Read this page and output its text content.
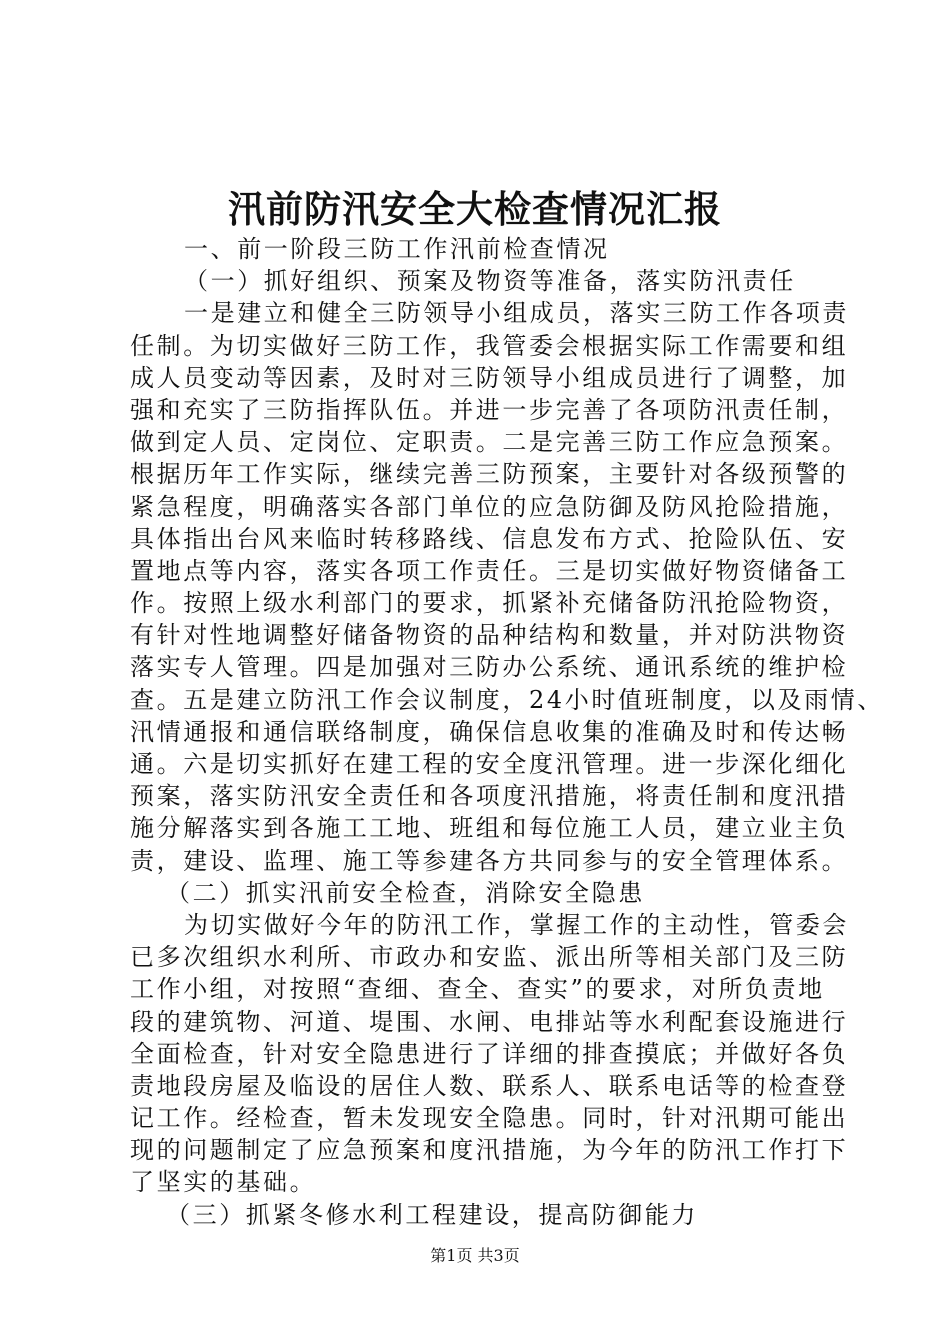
汛前防汛安全大检查情况汇报
一、前一阶段三防工作汛前检查情况
（一）抓好组织、预案及物资等准备，落实防汛责任
一是建立和健全三防领导小组成员，落实三防工作各项责
任制。为切实做好三防工作，我管委会根据实际工作需要和组
成人员变动等因素，及时对三防领导小组成员进行了调整，加
强和充实了三防指挥队伍。并进一步完善了各项防汛责任制，
做到定人员、定岗位、定职责。二是完善三防工作应急预案。
根据历年工作实际，继续完善三防预案，主要针对各级预警的
紧急程度，明确落实各部门单位的应急防御及防风抢险措施，
具体指出台风来临时转移路线、信息发布方式、抢险队伍、安
置地点等内容，落实各项工作责任。三是切实做好物资储备工
作。按照上级水利部门的要求，抓紧补充储备防汛抢险物资，
有针对性地调整好储备物资的品种结构和数量，并对防洪物资
落实专人管理。四是加强对三防办公系统、通讯系统的维护检
查。五是建立防汛工作会议制度，24小时值班制度，以及雨情、
汛情通报和通信联络制度，确保信息收集的准确及时和传达畅
通。六是切实抓好在建工程的安全度汛管理。进一步深化细化
预案，落实防汛安全责任和各项度汛措施，将责任制和度汛措
施分解落实到各施工工地、班组和每位施工人员，建立业主负
责，建设、监理、施工等参建各方共同参与的安全管理体系。
（二）抓实汛前安全检查，消除安全隐患
为切实做好今年的防汛工作，掌握工作的主动性，管委会
已多次组织水利所、市政办和安监、派出所等相关部门及三防
工作小组，对按照“查细、查全、查实”的要求，对所负责地
段的建筑物、河道、堤围、水闸、电排站等水利配套设施进行
全面检查，针对安全隐患进行了详细的排查摸底；并做好各负
责地段房屋及临设的居住人数、联系人、联系电话等的检查登
记工作。经检查，暂未发现安全隐患。同时，针对汛期可能出
现的问题制定了应急预案和度汛措施，为今年的防汛工作打下
了坚实的基础。
（三）抓紧冬修水利工程建设，提高防御能力
第1页 共3页
